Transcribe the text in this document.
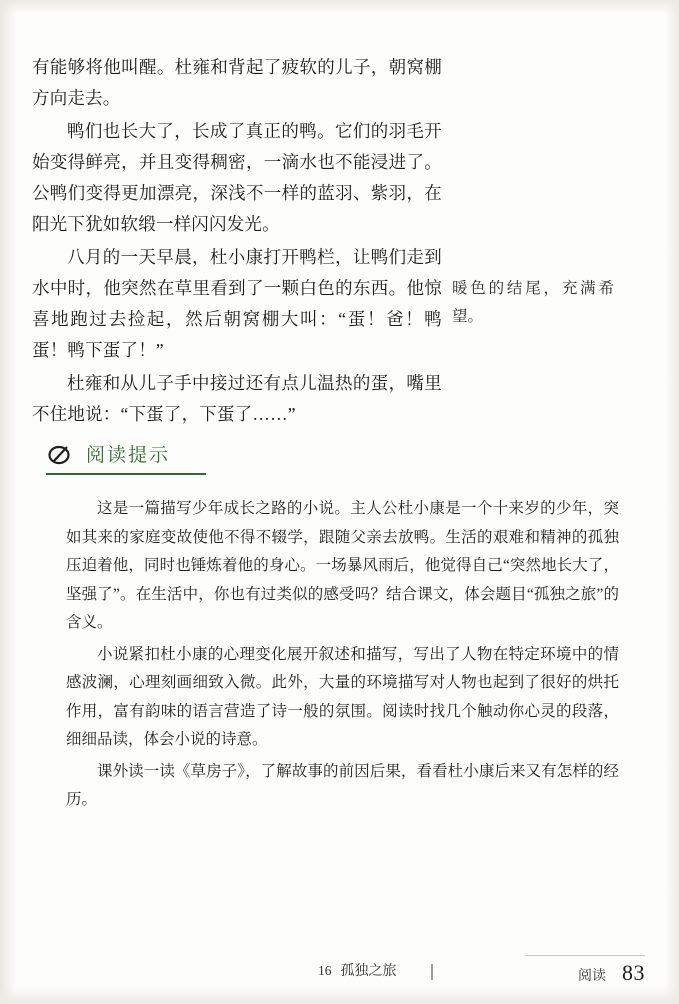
有能够将他叫醒。杜雍和背起了疲软的儿子，朝窝棚方向走去。

鸭们也长大了，长成了真正的鸭。它们的羽毛开始变得鲜亮，并且变得稠密，一滴水也不能浸进了。公鸭们变得更加漂亮，深浅不一样的蓝羽、紫羽，在阳光下犹如软缎一样闪闪发光。

八月的一天早晨，杜小康打开鸭栏，让鸭们走到水中时，他突然在草里看到了一颗白色的东西。他惊喜地跑过去捡起，然后朝窝棚大叫：“蛋！爸！鸭蛋！鸭下蛋了！”

杜雍和从儿子手中接过还有点儿温热的蛋，嘴里不住地说：“下蛋了，下蛋了……”

暖色的结尾，充满希望。
阅读提示

这是一篇描写少年成长之路的小说。主人公杜小康是一个十来岁的少年，突如其来的家庭变故使他不得不辍学，跟随父亲去放鸭。生活的艰难和精神的孤独压迫着他，同时也锤炼着他的身心。一场暴风雨后，他觉得自己“突然地长大了，坚强了”。在生活中，你也有过类似的感受吗？结合课文，体会题目“孤独之旅”的含义。

小说紧扣杜小康的心理变化展开叙述和描写，写出了人物在特定环境中的情感波澜，心理刻画细致入微。此外，大量的环境描写对人物也起到了很好的烘托作用，富有韵味的语言营造了诗一般的氛围。阅读时找几个触动你心灵的段落，细细品读，体会小说的诗意。

课外读一读《草房子》，了解故事的前因后果，看看杜小康后来又有怎样的经历。

16 孤独之旅	阅读 83
